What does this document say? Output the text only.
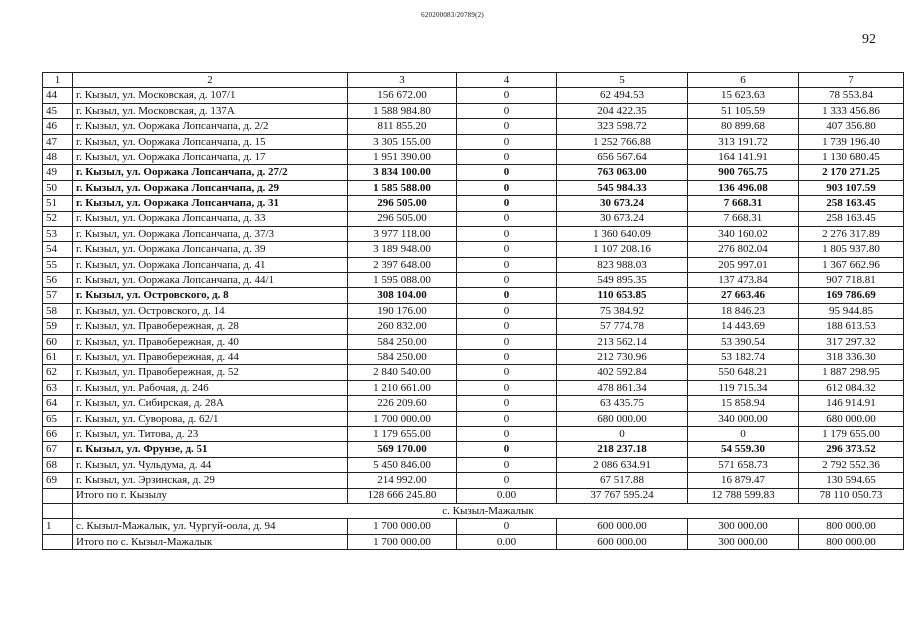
620200083/20789(2)
92
1	2	3	4	5	6	7
44	г. Кызыл, ул. Московская, д. 107/1	156 672.00	0	62 494.53	15 623.63	78 553.84
45	г. Кызыл, ул. Московская, д. 137А	1 588 984.80	0	204 422.35	51 105.59	1 333 456.86
46	г. Кызыл, ул. Ооржака Лопсанчапа, д. 2/2	811 855.20	0	323 598.72	80 899.68	407 356.80
47	г. Кызыл, ул. Ооржака Лопсанчапа, д. 15	3 305 155.00	0	1 252 766.88	313 191.72	1 739 196.40
48	г. Кызыл, ул. Ооржака Лопсанчапа, д. 17	1 951 390.00	0	656 567.64	164 141.91	1 130 680.45
49	г. Кызыл, ул. Ооржака Лопсанчапа, д. 27/2	3 834 100.00	0	763 063.00	900 765.75	2 170 271.25
50	г. Кызыл, ул. Ооржака Лопсанчапа, д. 29	1 585 588.00	0	545 984.33	136 496.08	903 107.59
51	г. Кызыл, ул. Ооржака Лопсанчапа, д. 31	296 505.00	0	30 673.24	7 668.31	258 163.45
52	г. Кызыл, ул. Ооржака Лопсанчапа, д. 33	296 505.00	0	30 673.24	7 668.31	258 163.45
53	г. Кызыл, ул. Ооржака Лопсанчапа, д. 37/3	3 977 118.00	0	1 360 640.09	340 160.02	2 276 317.89
54	г. Кызыл, ул. Ооржака Лопсанчапа, д. 39	3 189 948.00	0	1 107 208.16	276 802.04	1 805 937.80
55	г. Кызыл, ул. Ооржака Лопсанчапа, д. 41	2 397 648.00	0	823 988.03	205 997.01	1 367 662.96
56	г. Кызыл, ул. Ооржака Лопсанчапа, д. 44/1	1 595 088.00	0	549 895.35	137 473.84	907 718.81
57	г. Кызыл, ул. Островского, д. 8	308 104.00	0	110 653.85	27 663.46	169 786.69
58	г. Кызыл, ул. Островского, д. 14	190 176.00	0	75 384.92	18 846.23	95 944.85
59	г. Кызыл, ул. Правобережная, д. 28	260 832.00	0	57 774.78	14 443.69	188 613.53
60	г. Кызыл, ул. Правобережная, д. 40	584 250.00	0	213 562.14	53 390.54	317 297.32
61	г. Кызыл, ул. Правобережная, д. 44	584 250.00	0	212 730.96	53 182.74	318 336.30
62	г. Кызыл, ул. Правобережная, д. 52	2 840 540.00	0	402 592.84	550 648.21	1 887 298.95
63	г. Кызыл, ул. Рабочая, д. 246	1 210 661.00	0	478 861.34	119 715.34	612 084.32
64	г. Кызыл, ул. Сибирская, д. 28А	226 209.60	0	63 435.75	15 858.94	146 914.91
65	г. Кызыл, ул. Суворова, д. 62/1	1 700 000.00	0	680 000.00	340 000.00	680 000.00
66	г. Кызыл, ул. Титова, д. 23	1 179 655.00	0	0	0	1 179 655.00
67	г. Кызыл, ул. Фрунзе, д. 51	569 170.00	0	218 237.18	54 559.30	296 373.52
68	г. Кызыл, ул. Чульдума, д. 44	5 450 846.00	0	2 086 634.91	571 658.73	2 792 552.36
69	г. Кызыл, ул. Эрзинская, д. 29	214 992.00	0	67 517.88	16 879.47	130 594.65
	Итого по г. Кызылу	128 666 245.80	0.00	37 767 595.24	12 788 599.83	78 110 050.73
	с. Кызыл-Мажалык					
1	с. Кызыл-Мажалык, ул. Чургуй-оола, д. 94	1 700 000.00	0	600 000.00	300 000.00	800 000.00
	Итого по с. Кызыл-Мажалык	1 700 000.00	0.00	600 000.00	300 000.00	800 000.00
